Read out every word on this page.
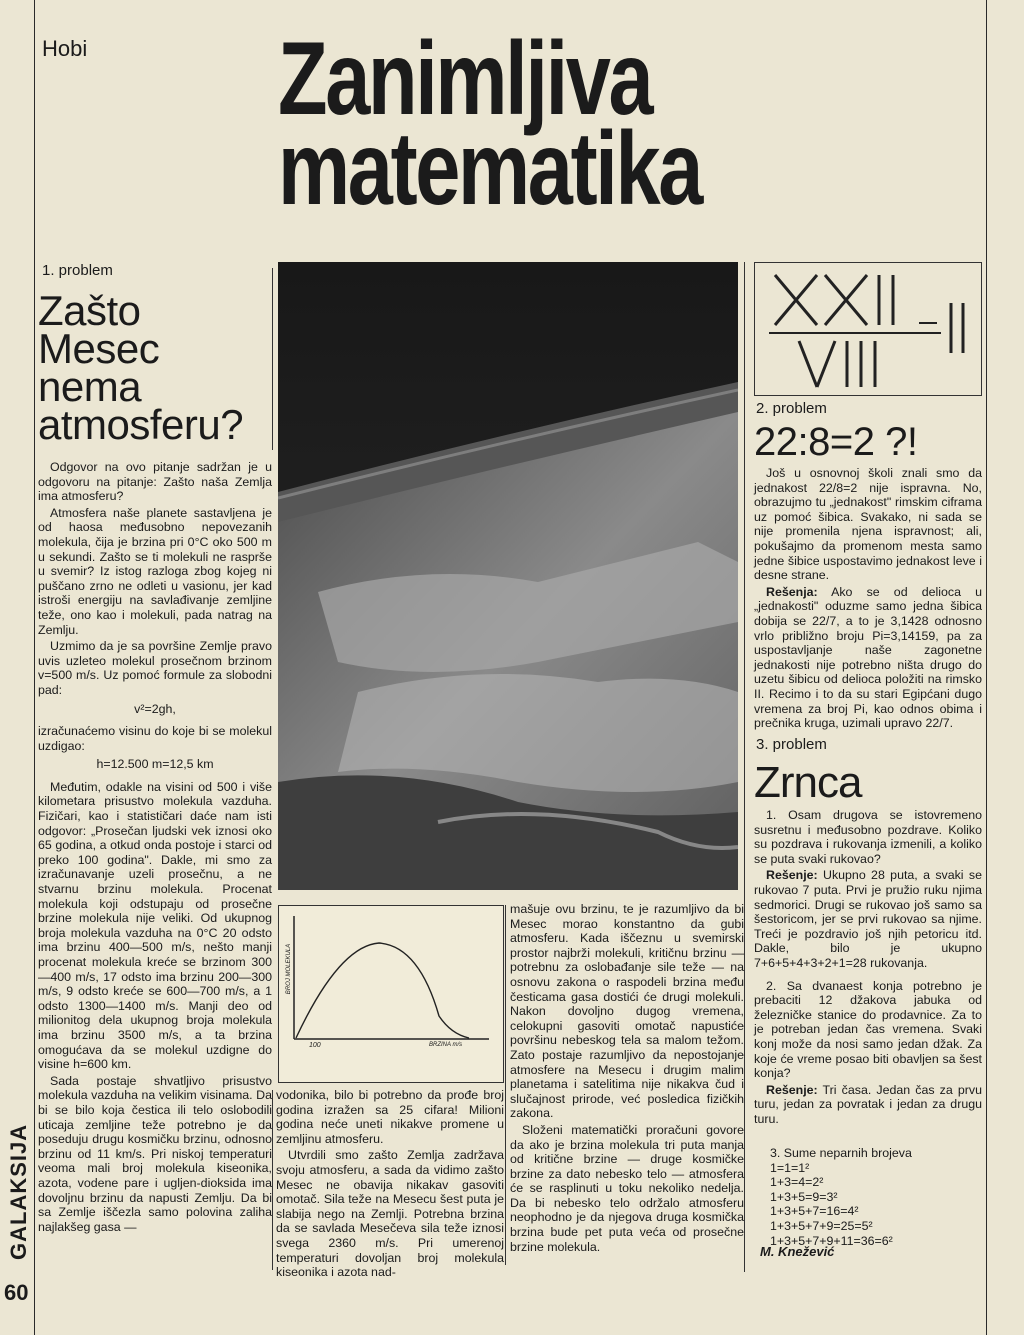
GALAKSIJA
60
Hobi Zanimljiva
matematika
1. problem
Zašto
Mesec
nema
atmosferu?

Odgovor na ovo pitanje sadržan je u odgovoru na pitanje: Zašto naša Zemlja ima atmosferu?

Atmosfera naše planete sastavljena je od haosa međusobno nepovezanih molekula, čija je brzina pri 0°C oko 500 m u sekundi. Zašto se ti molekuli ne raspršе u svemir? Iz istog razloga zbog kojeg ni puščano zrno ne odleti u vasionu, jer kad istroši energiju na savlađivanje zemljine teže, ono kao i molekuli, pada natrag na Zemlju.

Uzmimo da je sa površine Zemlje pravo uvis uzleteo molekul prosečnom brzinom v=500 m/s. Uz pomoć formule za slobodni pad:

v²=2gh,

izračunaćemo visinu do koje bi se molekul uzdigao:

h=12.500 m=12,5 km

Međutim, odakle na visini od 500 i više kilometara prisustvo molekula vazduha. Fizičari, kao i statističari daće nam isti odgovor: „Prosečan ljudski vek iznosi oko 65 godina, a otkud onda postoje i starci od preko 100 godina". Dakle, mi smo za izračunavanje uzeli prosečnu, a ne stvarnu brzinu molekula. Procenat molekula koji odstupaju od prosečne brzine molekula nije veliki. Od ukupnog broja molekula vazduha na 0°C 20 odsto ima brzinu 400—500 m/s, nešto manji procenat molekula kreće se brzinom 300—400 m/s, 17 odsto ima brzinu 200—300 m/s, 9 odsto kreće se 600—700 m/s, a 1 odsto 1300—1400 m/s. Manji deo od milionitog dela ukupnog broja molekula ima brzinu 3500 m/s, a ta brzina omogućava da se molekul uzdigne do visine h=600 km.

Sada postaje shvatljivo prisustvo molekula vazduha na velikim visinama. Da bi se bilo koja čestica ili telo oslobodili uticaja zemljine teže potrebno je da poseduju drugu kosmičku brzinu, odnosno brzinu od 11 km/s. Pri niskoj temperaturi veoma mali broj molekula kiseonika, azota, vodene pare i ugljen-dioksida ima dovoljnu brzinu da napusti Zemlju. Da bi sa Zemlje iščezla samo polovina zaliha najlakšeg gasa —

BROJ MOLEKULA
100	BRZINA m/s

vodonika, bilo bi potrebno da prođe broj godina izražen sa 25 cifara! Milioni godina neće uneti nikakve promene u zemljinu atmosferu.

Utvrdili smo zašto Zemlja zadržava svoju atmosferu, a sada da vidimo zašto Mesec ne obavija nikakav gasoviti omotač. Sila teže na Mesecu šest puta je slabija nego na Zemlji. Potrebna brzina da se savlada Mesečeva sila teže iznosi svega 2360 m/s. Pri umerenoj temperaturi dovoljan broj molekula kiseonika i azota nad-

mašuje ovu brzinu, te je razumljivo da bi Mesec morao konstantno da gubi atmosferu. Kada iščeznu u svemirski prostor najbrži molekuli, kritičnu brzinu — potrebnu za oslobađanje sile teže — na osnovu zakona o raspodeli brzina među česticama gasa dostići će drugi molekuli. Nakon dovoljno dugog vremena, celokupni gasoviti omotač napustiće površinu nebeskog tela sa malom težom. Zato postaje razumljivo da nepostojanje atmosfere na Mesecu i drugim malim planetama i satelitima nije nikakva čud i slučajnost prirode, već posledica fizičkih zakona.

Složeni matematički proračuni govore da ako je brzina molekula tri puta manja od kritične brzine — druge kosmičke brzine za dato nebesko telo — atmosfera će se rasplinuti u toku nekoliko nedelja. Da bi nebesko telo održalo atmosferu neophodno je da njegova druga kosmička brzina bude pet puta veća od prosečne brzine molekula.

2. problem
22:8=2 ?!

Još u osnovnoj školi znali smo da jednakost 22/8=2 nije ispravna. No, obrazujmo tu „jednakost" rimskim ciframa uz pomoć šibica. Svakako, ni sada se nije promenila njena ispravnost; ali, pokušajmo da promenom mesta samo jedne šibice uspostavimo jednakost leve i desne strane.

Rešenja: Ako se od delioca u „jednakosti" oduzme samo jedna šibica dobija se 22/7, a to je 3,1428 odnosno vrlo približno broju Pi=3,14159, pa za uspostavljanje naše zagonetne jednakosti nije potrebno ništa drugo do uzetu šibicu od delioca položiti na rimsko II. Recimo i to da su stari Egipćani dugo vremena za broj Pi, kao odnos obima i prečnika kruga, uzimali upravo 22/7.

3. problem
Zrnca

1. Osam drugova se istovremeno susretnu i međusobno pozdrave. Koliko su pozdrava i rukovanja izmenili, a koliko se puta svaki rukovao?

Rešenje: Ukupno 28 puta, a svaki se rukovao 7 puta. Prvi je pružio ruku njima sedmorici. Drugi se rukovao još samo sa šestoricom, jer se prvi rukovao sa njime. Treći je pozdravio još njih petoricu itd. Dakle, bilo je ukupno 7+6+5+4+3+2+1=28 rukovanja.

2. Sa dvanaest konja potrebno je prebaciti 12 džakova jabuka od železničke stanice do prodavnice. Za to je potreban jedan čas vremena. Svaki konj može da nosi samo jedan džak. Za koje će vreme posao biti obavljen sa šest konja?

Rešenje: Tri časa. Jedan čas za prvu turu, jedan za povratak i jedan za drugu turu.

3. Sume neparnih brojeva
1=1=1²
1+3=4=2²
1+3+5=9=3²
1+3+5+7=16=4²
1+3+5+7+9=25=5²
1+3+5+7+9+11=36=6²
M. Knežević
